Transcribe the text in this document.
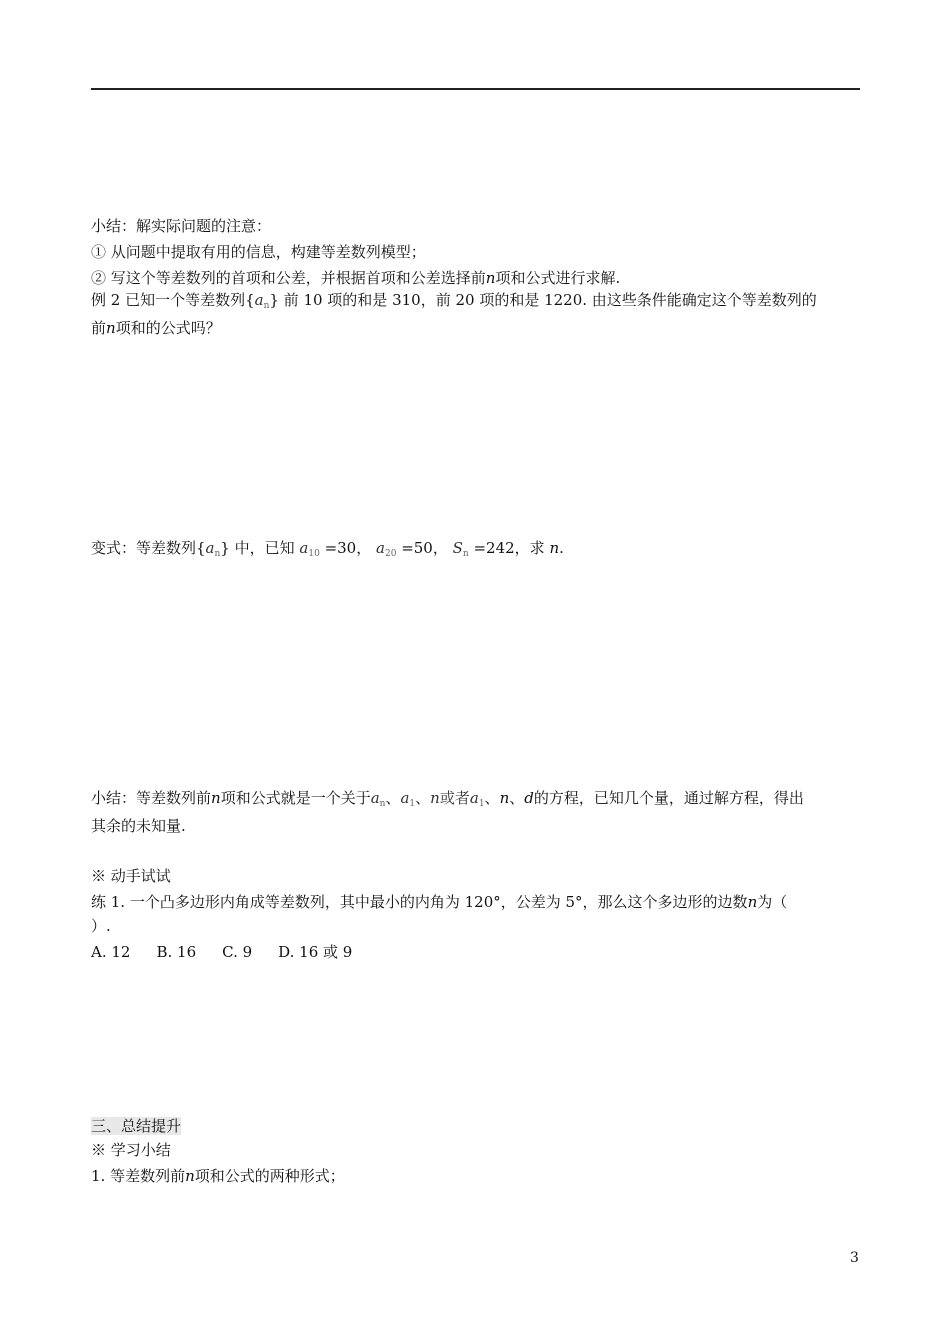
小结：解实际问题的注意：
① 从问题中提取有用的信息，构建等差数列模型；
② 写这个等差数列的首项和公差，并根据首项和公差选择前n项和公式进行求解.
例 2 已知一个等差数列$\{a_n\}$ 前 10 项的和是 310，前 20 项的和是 1220. 由这些条件能确定这个等差数列的
前n项和的公式吗？
变式：等差数列$\{a_n\}$ 中，已知 $a_{10} =30$， $a_{20} =50$， $S_n =242$，求 n.
小结：等差数列前n项和公式就是一个关于$a_n$、$a_1$、n或者$a_1$、n、d的方程，已知几个量，通过解方程，得出
其余的未知量.
※ 动手试试
练 1. 一个凸多边形内角成等差数列，其中最小的内角为 120°，公差为 5°，那么这个多边形的边数n为（
）.
A. 12 B. 16 C. 9 D. 16 或 9
三、总结提升
※ 学习小结
1. 等差数列前n项和公式的两种形式；
3
